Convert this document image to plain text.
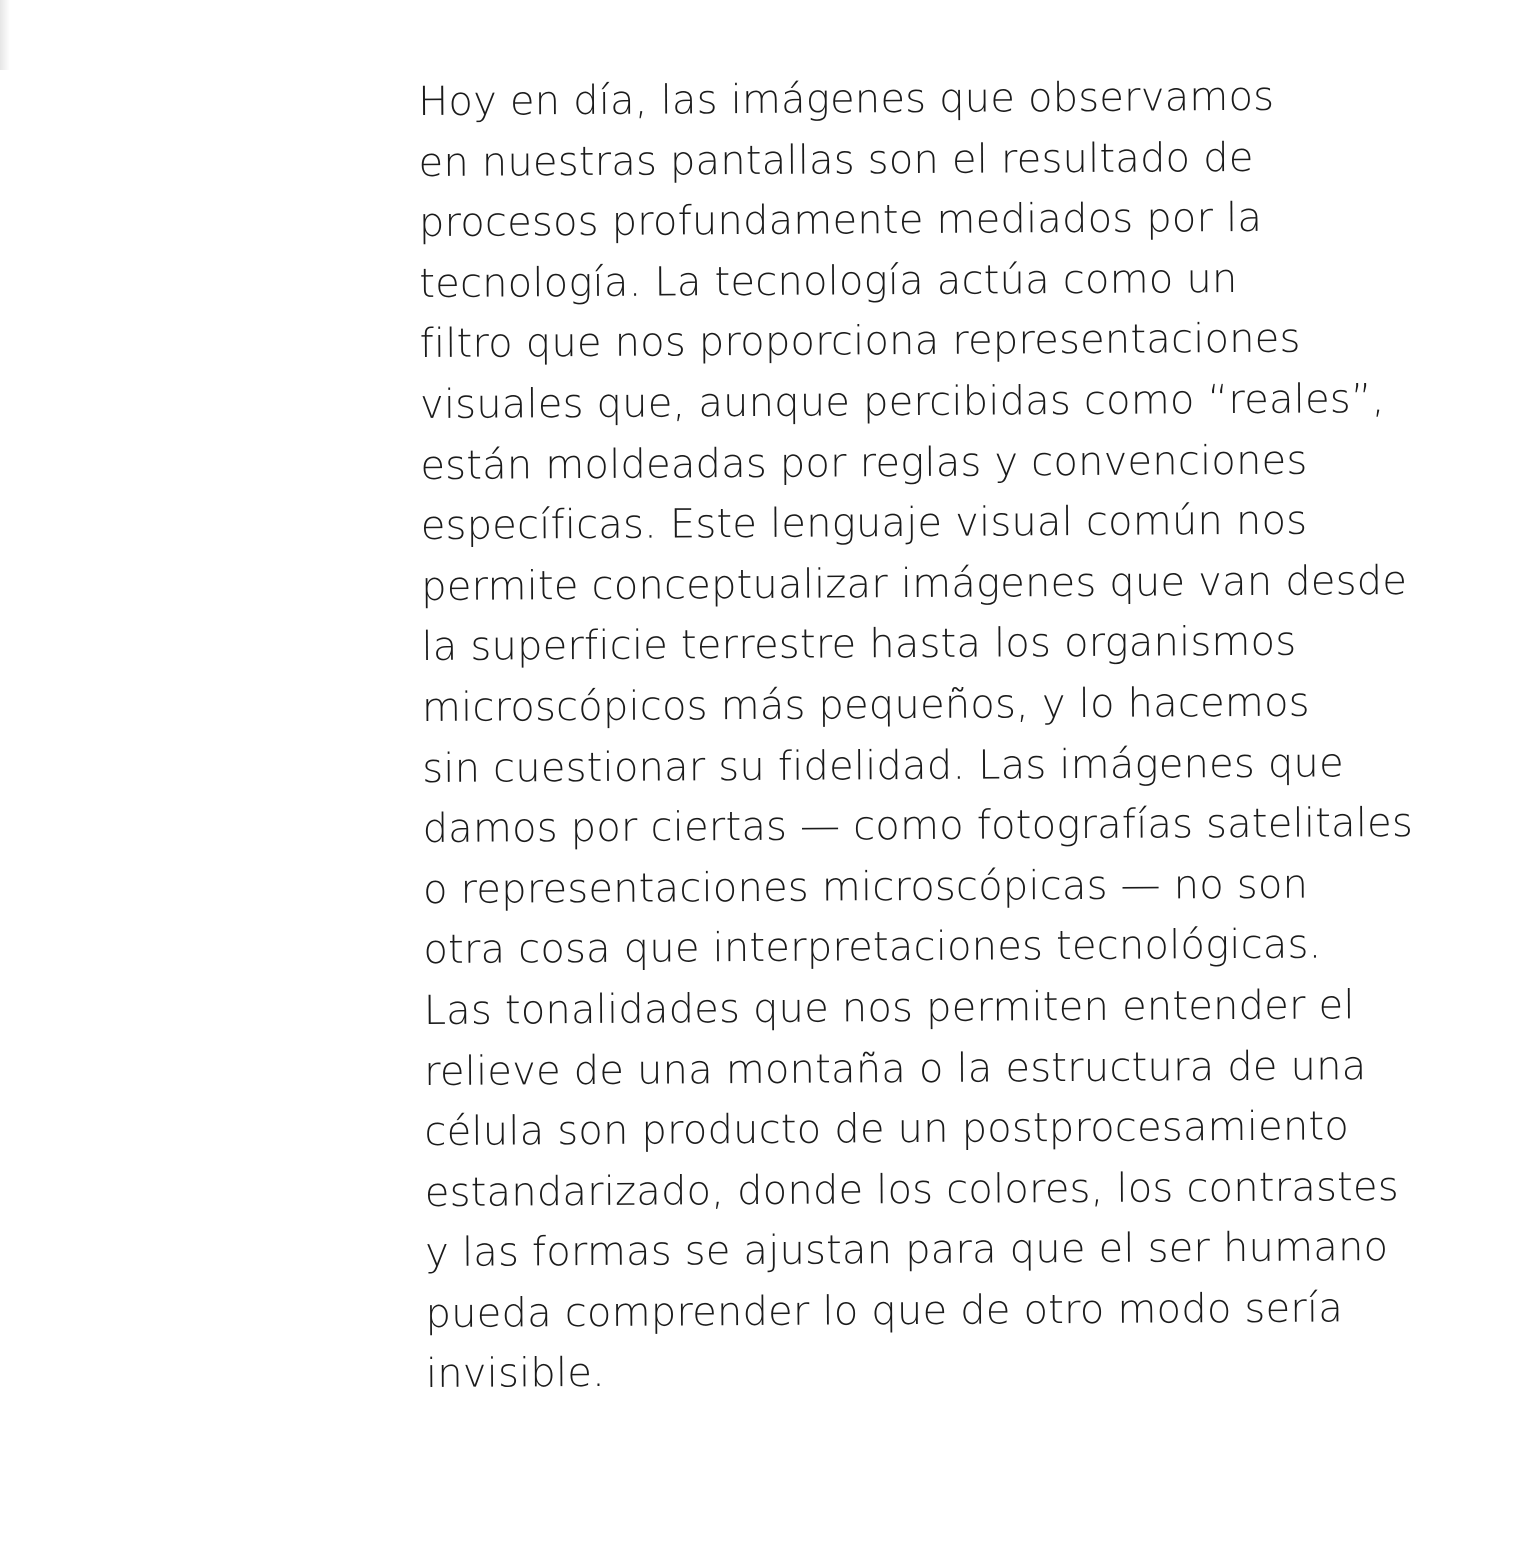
Hoy en día, las imágenes que observamos
en nuestras pantallas son el resultado de
procesos profundamente mediados por la
tecnología. La tecnología actúa como un
filtro que nos proporciona representaciones
visuales que, aunque percibidas como “reales”,
están moldeadas por reglas y convenciones
específicas. Este lenguaje visual común nos
permite conceptualizar imágenes que van desde
la superficie terrestre hasta los organismos
microscópicos más pequeños, y lo hacemos
sin cuestionar su fidelidad. Las imágenes que
damos por ciertas — como fotografías satelitales
o representaciones microscópicas — no son
otra cosa que interpretaciones tecnológicas.
Las tonalidades que nos permiten entender el
relieve de una montaña o la estructura de una
célula son producto de un postprocesamiento
estandarizado, donde los colores, los contrastes
y las formas se ajustan para que el ser humano
pueda comprender lo que de otro modo sería
invisible.
